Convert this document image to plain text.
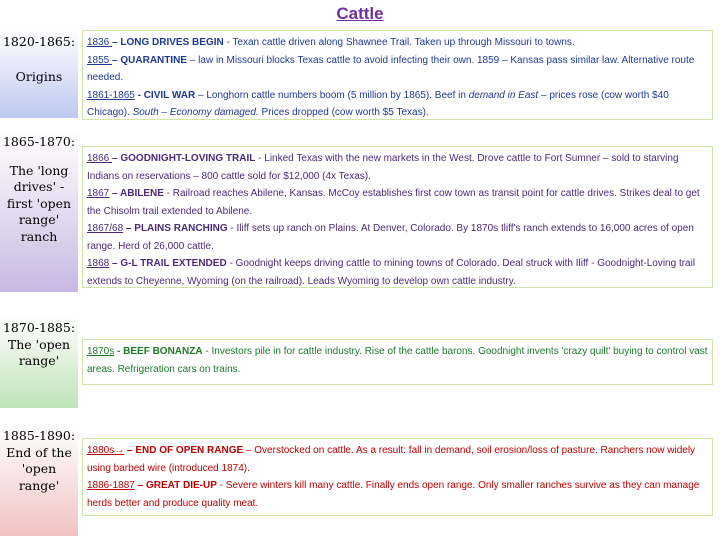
Cattle
1820-1865:
Origins
1836 – LONG DRIVES BEGIN - Texan cattle driven along Shawnee Trail. Taken up through Missouri to towns.
1855 – QUARANTINE – law in Missouri blocks Texas cattle to avoid infecting their own. 1859 – Kansas pass similar law. Alternative route needed.
1861-1865 - CIVIL WAR – Longhorn cattle numbers boom (5 million by 1865). Beef in demand in East – prices rose (cow worth $40 Chicago). South – Economy damaged. Prices dropped (cow worth $5 Texas).
1865-1870:
The 'long drives' - first 'open range' ranch
1866 – GOODNIGHT-LOVING TRAIL - Linked Texas with the new markets in the West. Drove cattle to Fort Sumner – sold to starving Indians on reservations – 800 cattle sold for $12,000 (4x Texas).
1867 – ABILENE - Railroad reaches Abilene, Kansas. McCoy establishes first cow town as transit point for cattle drives. Strikes deal to get the Chisolm trail extended to Abilene.
1867/68 – PLAINS RANCHING - Iliff sets up ranch on Plains. At Denver, Colorado. By 1870s Iliff's ranch extends to 16,000 acres of open range. Herd of 26,000 cattle.
1868 – G-L TRAIL EXTENDED - Goodnight keeps driving cattle to mining towns of Colorado. Deal struck with Iliff - Goodnight-Loving trail extends to Cheyenne, Wyoming (on the railroad). Leads Wyoming to develop own cattle industry.
1870-1885:
The 'open range'
1870s - BEEF BONANZA - Investors pile in for cattle industry. Rise of the cattle barons. Goodnight invents 'crazy quilt' buying to control vast areas. Refrigeration cars on trains.
1885-1890:
End of the 'open range'
1880s→ – END OF OPEN RANGE – Overstocked on cattle. As a result: fall in demand, soil erosion/loss of pasture. Ranchers now widely using barbed wire (introduced 1874).
1886-1887 – GREAT DIE-UP - Severe winters kill many cattle. Finally ends open range. Only smaller ranches survive as they can manage herds better and produce quality meat.
